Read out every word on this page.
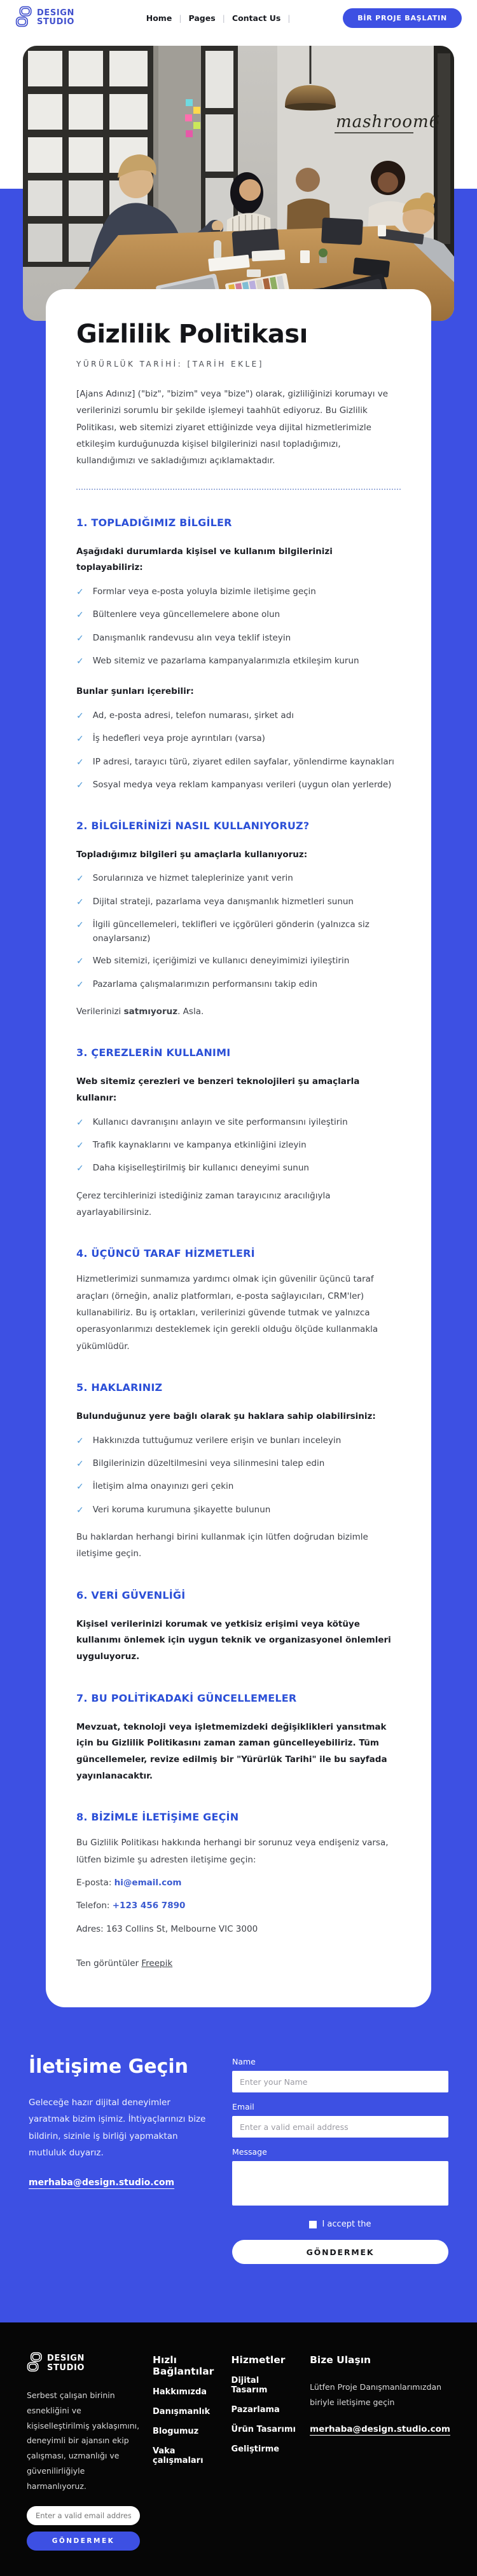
DESIGN
STUDIO	Home | Pages | Contact Us |	BİR PROJE BAŞLATIN
mashroom6
Gizlilik Politikası
YÜRÜRLÜK TARİHİ: [TARİH EKLE]

[Ajans Adınız] ("biz", "bizim" veya "bize") olarak, gizliliğinizi korumayı ve verilerinizi sorumlu bir şekilde işlemeyi taahhüt ediyoruz. Bu Gizlilik Politikası, web sitemizi ziyaret ettiğinizde veya dijital hizmetlerimizle etkileşim kurduğunuzda kişisel bilgilerinizi nasıl topladığımızı, kullandığımızı ve sakladığımızı açıklamaktadır.

1. TOPLADIĞIMIZ BİLGİLER

Aşağıdaki durumlarda kişisel ve kullanım bilgilerinizi toplayabiliriz:

✓ Formlar veya e-posta yoluyla bizimle iletişime geçin
✓ Bültenlere veya güncellemelere abone olun
✓ Danışmanlık randevusu alın veya teklif isteyin
✓ Web sitemiz ve pazarlama kampanyalarımızla etkileşim kurun

Bunlar şunları içerebilir:

✓ Ad, e-posta adresi, telefon numarası, şirket adı
✓ İş hedefleri veya proje ayrıntıları (varsa)
✓ IP adresi, tarayıcı türü, ziyaret edilen sayfalar, yönlendirme kaynakları
✓ Sosyal medya veya reklam kampanyası verileri (uygun olan yerlerde)
2. BİLGİLERİNİZİ NASIL KULLANIYORUZ?

Topladığımız bilgileri şu amaçlarla kullanıyoruz:

✓ Sorularınıza ve hizmet taleplerinize yanıt verin
✓ Dijital strateji, pazarlama veya danışmanlık hizmetleri sunun
✓ İlgili güncellemeleri, teklifleri ve içgörüleri gönderin (yalnızca siz onaylarsanız)
✓ Web sitemizi, içeriğimizi ve kullanıcı deneyimimizi iyileştirin
✓ Pazarlama çalışmalarımızın performansını takip edin

Verilerinizi satmıyoruz. Asla.

3. ÇEREZLERİN KULLANIMI

Web sitemiz çerezleri ve benzeri teknolojileri şu amaçlarla kullanır:

✓ Kullanıcı davranışını anlayın ve site performansını iyileştirin
✓ Trafik kaynaklarını ve kampanya etkinliğini izleyin
✓ Daha kişiselleştirilmiş bir kullanıcı deneyimi sunun

Çerez tercihlerinizi istediğiniz zaman tarayıcınız aracılığıyla ayarlayabilirsiniz.

4. ÜÇÜNCÜ TARAF HİZMETLERİ

Hizmetlerimizi sunmamıza yardımcı olmak için güvenilir üçüncü taraf araçları (örneğin, analiz platformları, e-posta sağlayıcıları, CRM'ler) kullanabiliriz. Bu iş ortakları, verilerinizi güvende tutmak ve yalnızca operasyonlarımızı desteklemek için gerekli olduğu ölçüde kullanmakla yükümlüdür.

5. HAKLARINIZ

Bulunduğunuz yere bağlı olarak şu haklara sahip olabilirsiniz:

✓ Hakkınızda tuttuğumuz verilere erişin ve bunları inceleyin
✓ Bilgilerinizin düzeltilmesini veya silinmesini talep edin
✓ İletişim alma onayınızı geri çekin
✓ Veri koruma kurumuna şikayette bulunun

Bu haklardan herhangi birini kullanmak için lütfen doğrudan bizimle iletişime geçin.

6. VERİ GÜVENLİĞİ

Kişisel verilerinizi korumak ve yetkisiz erişimi veya kötüye kullanımı önlemek için uygun teknik ve organizasyonel önlemleri uyguluyoruz.

7. BU POLİTİKADAKİ GÜNCELLEMELER

Mevzuat, teknoloji veya işletmemizdeki değişiklikleri yansıtmak için bu Gizlilik Politikasını zaman zaman güncelleyebiliriz. Tüm güncellemeler, revize edilmiş bir "Yürürlük Tarihi" ile bu sayfada yayınlanacaktır.

8. BİZİMLE İLETİŞİME GEÇİN

Bu Gizlilik Politikası hakkında herhangi bir sorunuz veya endişeniz varsa, lütfen bizimle şu adresten iletişime geçin:

E-posta: hi@email.com

Telefon: +123 456 7890

Adres: 163 Collins St, Melbourne VIC 3000

Ten görüntüler Freepik

İletişime Geçin

Geleceğe hazır dijital deneyimler yaratmak bizim işimiz. İhtiyaçlarınızı bize bildirin, sizinle iş birliği yapmaktan mutluluk duyarız.

merhaba@design.studio.com
Name
Enter your Name
Email
Enter a valid email address
Message
I accept the
GÖNDERMEK
DESIGN
STUDIO

Serbest çalışan birinin esnekliğini ve kişiselleştirilmiş yaklaşımını, deneyimli bir ajansın ekip çalışması, uzmanlığı ve güvenilirliğiyle harmanlıyoruz.

Enter a valid email address GÖNDERMEK
Hızlı Bağlantılar
Hakkımızda
Danışmanlık
Blogumuz
Vaka çalışmaları
Hizmetler
Dijital Tasarım
Pazarlama
Ürün Tasarımı
Geliştirme
Bize Ulaşın

Lütfen Proje Danışmanlarımızdan biriyle iletişime geçin

merhaba@design.studio.com
